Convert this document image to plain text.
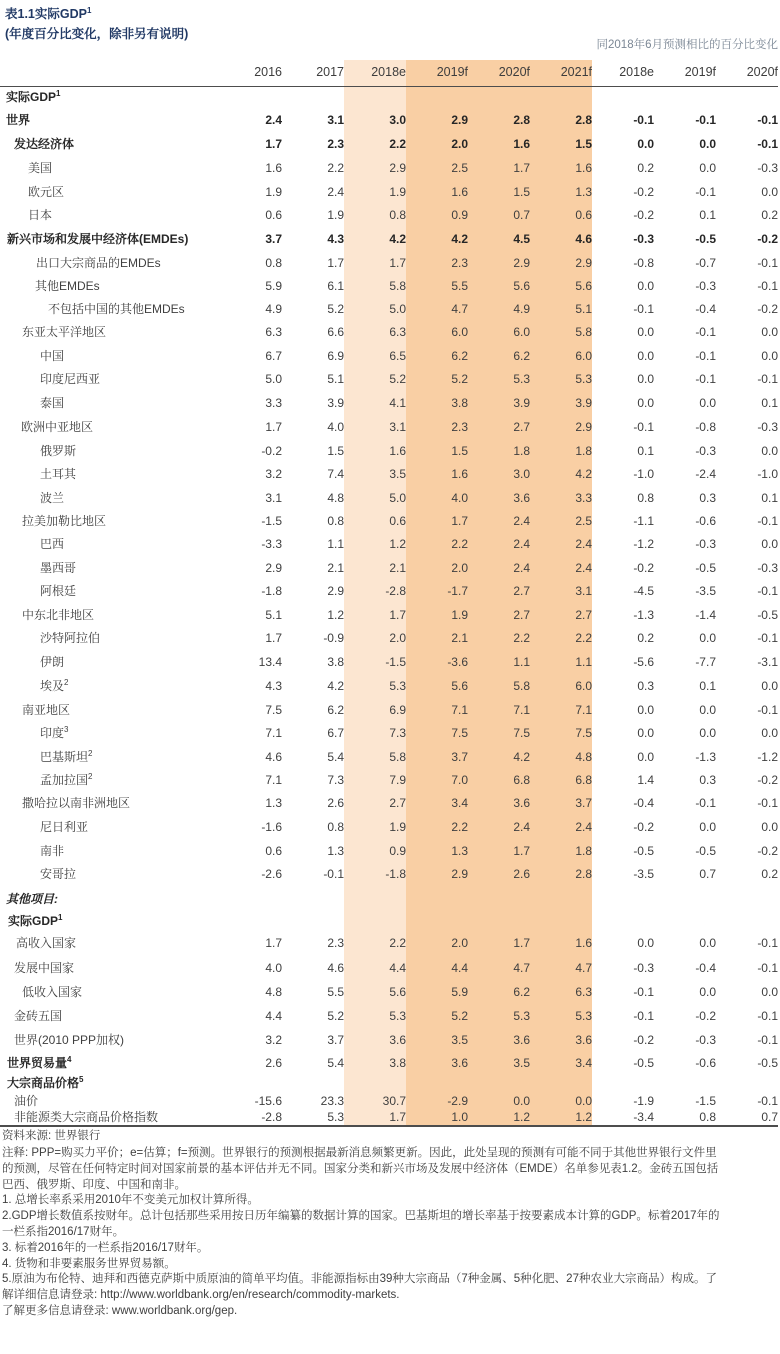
表1.1实际GDP$^1$
(年度百分比变化，除非另有说明)
同2018年6月预测相比的百分比变化
2016	2017	2018e	2019f	2020f	2021f	2018e	2019f	2020f
实际GDP$^1$
世界	2.4	3.1	3.0	2.9	2.8	2.8	-0.1	-0.1	-0.1
发达经济体	1.7	2.3	2.2	2.0	1.6	1.5	0.0	0.0	-0.1
美国	1.6	2.2	2.9	2.5	1.7	1.6	0.2	0.0	-0.3
欧元区	1.9	2.4	1.9	1.6	1.5	1.3	-0.2	-0.1	0.0
日本	0.6	1.9	0.8	0.9	0.7	0.6	-0.2	0.1	0.2
新兴市场和发展中经济体(EMDEs)	3.7	4.3	4.2	4.2	4.5	4.6	-0.3	-0.5	-0.2
出口大宗商品的EMDEs	0.8	1.7	1.7	2.3	2.9	2.9	-0.8	-0.7	-0.1
其他EMDEs	5.9	6.1	5.8	5.5	5.6	5.6	0.0	-0.3	-0.1
不包括中国的其他EMDEs	4.9	5.2	5.0	4.7	4.9	5.1	-0.1	-0.4	-0.2
东亚太平洋地区	6.3	6.6	6.3	6.0	6.0	5.8	0.0	-0.1	0.0
中国	6.7	6.9	6.5	6.2	6.2	6.0	0.0	-0.1	0.0
印度尼西亚	5.0	5.1	5.2	5.2	5.3	5.3	0.0	-0.1	-0.1
泰国	3.3	3.9	4.1	3.8	3.9	3.9	0.0	0.0	0.1
欧洲中亚地区	1.7	4.0	3.1	2.3	2.7	2.9	-0.1	-0.8	-0.3
俄罗斯	-0.2	1.5	1.6	1.5	1.8	1.8	0.1	-0.3	0.0
土耳其	3.2	7.4	3.5	1.6	3.0	4.2	-1.0	-2.4	-1.0
波兰	3.1	4.8	5.0	4.0	3.6	3.3	0.8	0.3	0.1
拉美加勒比地区	-1.5	0.8	0.6	1.7	2.4	2.5	-1.1	-0.6	-0.1
巴西	-3.3	1.1	1.2	2.2	2.4	2.4	-1.2	-0.3	0.0
墨西哥	2.9	2.1	2.1	2.0	2.4	2.4	-0.2	-0.5	-0.3
阿根廷	-1.8	2.9	-2.8	-1.7	2.7	3.1	-4.5	-3.5	-0.1
中东北非地区	5.1	1.2	1.7	1.9	2.7	2.7	-1.3	-1.4	-0.5
沙特阿拉伯	1.7	-0.9	2.0	2.1	2.2	2.2	0.2	0.0	-0.1
伊朗	13.4	3.8	-1.5	-3.6	1.1	1.1	-5.6	-7.7	-3.1
埃及$^2$	4.3	4.2	5.3	5.6	5.8	6.0	0.3	0.1	0.0
南亚地区	7.5	6.2	6.9	7.1	7.1	7.1	0.0	0.0	-0.1
印度$^3$	7.1	6.7	7.3	7.5	7.5	7.5	0.0	0.0	0.0
巴基斯坦$^2$	4.6	5.4	5.8	3.7	4.2	4.8	0.0	-1.3	-1.2
孟加拉国$^2$	7.1	7.3	7.9	7.0	6.8	6.8	1.4	0.3	-0.2
撒哈拉以南非洲地区	1.3	2.6	2.7	3.4	3.6	3.7	-0.4	-0.1	-0.1
尼日利亚	-1.6	0.8	1.9	2.2	2.4	2.4	-0.2	0.0	0.0
南非	0.6	1.3	0.9	1.3	1.7	1.8	-0.5	-0.5	-0.2
安哥拉	-2.6	-0.1	-1.8	2.9	2.6	2.8	-3.5	0.7	0.2
其他项目:
实际GDP$^1$
高收入国家	1.7	2.3	2.2	2.0	1.7	1.6	0.0	0.0	-0.1
发展中国家	4.0	4.6	4.4	4.4	4.7	4.7	-0.3	-0.4	-0.1
低收入国家	4.8	5.5	5.6	5.9	6.2	6.3	-0.1	0.0	0.0
金砖五国	4.4	5.2	5.3	5.2	5.3	5.3	-0.1	-0.2	-0.1
世界(2010 PPP加权)	3.2	3.7	3.6	3.5	3.6	3.6	-0.2	-0.3	-0.1
世界贸易量$^4$	2.6	5.4	3.8	3.6	3.5	3.4	-0.5	-0.6	-0.5
大宗商品价格$^5$
油价	-15.6	23.3	30.7	-2.9	0.0	0.0	-1.9	-1.5	-0.1
非能源类大宗商品价格指数	-2.8	5.3	1.7	1.0	1.2	1.2	-3.4	0.8	0.7
资料来源: 世界银行
注释: PPP=购买力平价；e=估算；f=预测。世界银行的预测根据最新消息频繁更新。因此，此处呈现的预测有可能不同于其他世界银行文件里
的预测，尽管在任何特定时间对国家前景的基本评估并无不同。国家分类和新兴市场及发展中经济体（EMDE）名单参见表1.2。金砖五国包括
巴西、俄罗斯、印度、中国和南非。
1. 总增长率系采用2010年不变美元加权计算所得。
2.GDP增长数值系按财年。总计包括那些采用按日历年编纂的数据计算的国家。巴基斯坦的增长率基于按要素成本计算的GDP。标着2017年的
一栏系指2016/17财年。
3. 标着2016年的一栏系指2016/17财年。
4. 货物和非要素服务世界贸易额。
5.原油为布伦特、迪拜和西德克萨斯中质原油的简单平均值。非能源指标由39种大宗商品（7种金属、5种化肥、27种农业大宗商品）构成。了
解详细信息请登录: http://www.worldbank.org/en/research/commodity-markets.
了解更多信息请登录: www.worldbank.org/gep.
